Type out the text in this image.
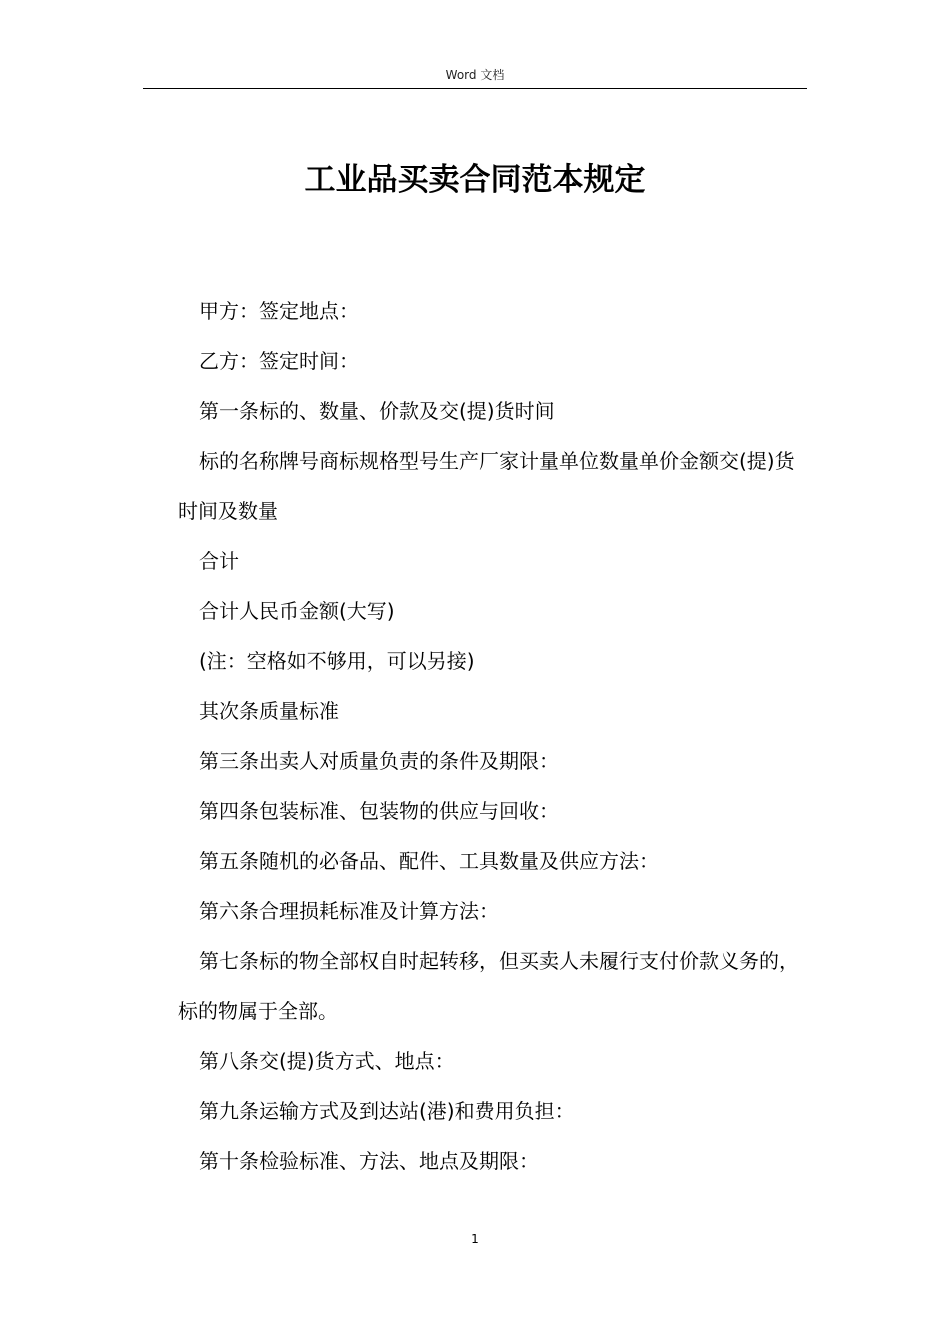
Word 文档
工业品买卖合同范本规定

甲方：签定地点：

乙方：签定时间：

第一条标的、数量、价款及交(提)货时间

标的名称牌号商标规格型号生产厂家计量单位数量单价金额交(提)货时间及数量

合计

合计人民币金额(大写)

(注：空格如不够用，可以另接)

其次条质量标准

第三条出卖人对质量负责的条件及期限：

第四条包装标准、包装物的供应与回收：

第五条随机的必备品、配件、工具数量及供应方法：

第六条合理损耗标准及计算方法：

第七条标的物全部权自时起转移，但买卖人未履行支付价款义务的，标的物属于全部。

第八条交(提)货方式、地点：

第九条运输方式及到达站(港)和费用负担：

第十条检验标准、方法、地点及期限：

1
